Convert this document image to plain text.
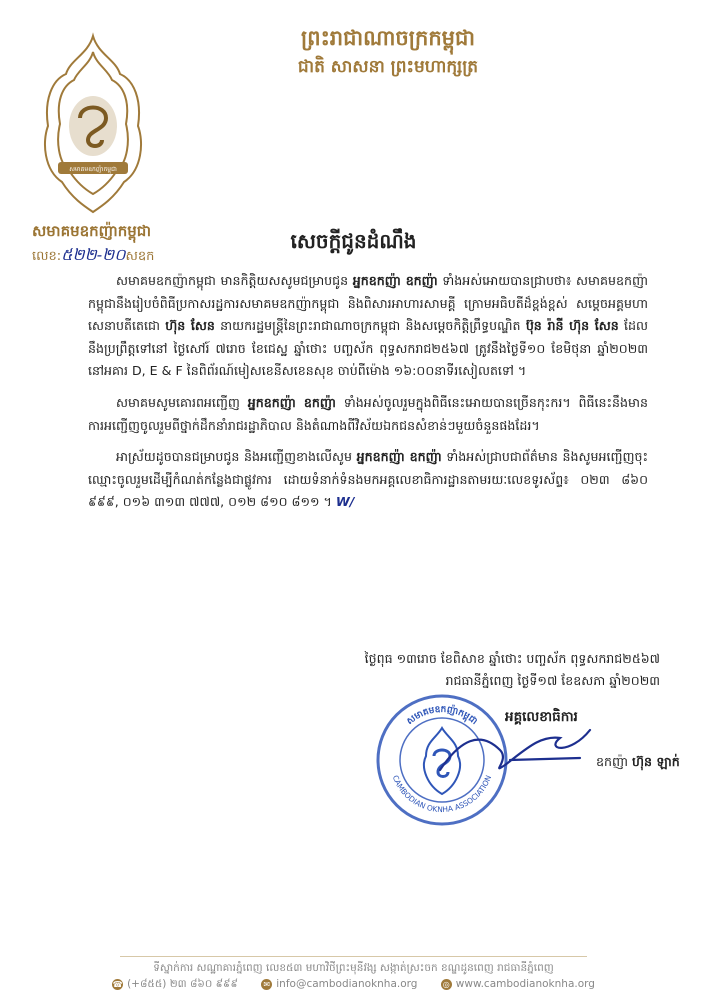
សមាគមឧកញ៉ាកម្ពុជា
ព្រះរាជាណាចក្រកម្ពុជា
ជាតិ សាសនា ព្រះមហាក្សត្រ
សមាគមឧកញ៉ាកម្ពុជា
លេខ:៥២២-២០សឧក
សេចក្ដីជូនដំណឹង

សមាគមឧកញ៉ាកម្ពុជា មានកិត្តិយសសូមជម្រាបជូន អ្នកឧកញ៉ា ឧកញ៉ា ទាំងអស់អោយបានជ្រាបថា៖ សមាគមឧកញ៉ាកម្ពុជានឹងរៀបចំពិធីប្រកាសរដ្ឋការសមាគមឧកញ៉ាកម្ពុជា និងពិសារអាហារសាមគ្គី ក្រោមអធិបតីដ៏ខ្ពង់ខ្ពស់ សម្ដេចអគ្គមហាសេនាបតីតេជោ ហ៊ុន សែន នាយករដ្ឋមន្ត្រីនៃព្រះរាជាណាចក្រកម្ពុជា និងសម្ដេចកិត្តិព្រឹទ្ធបណ្ឌិត ប៊ុន រ៉ានី ហ៊ុន សែន ដែលនឹងប្រព្រឹត្តទៅនៅ ថ្ងៃសៅរ៍ ៧រោច ខែជេស្ឋ ឆ្នាំថោះ បញ្ចស័ក ពុទ្ធសករាជ២៥៦៧ ត្រូវនឹងថ្ងៃទី១០ ខែមិថុនា ឆ្នាំ២០២៣ នៅអគារ D, E & F នៃពិព័រណ៍មៀសខេនីសខេនសុខ ចាប់ពីម៉ោង ១៦:០០នាទីរសៀលតទៅ ។

សមាគមសូមគោរពអញ្ជើញ អ្នកឧកញ៉ា ឧកញ៉ា ទាំងអស់ចូលរួមក្នុងពិធីនេះអោយបានច្រើនកុះករ។ ពិធីនេះនឹងមានការអញ្ជើញចូលរួមពីថ្នាក់ដឹកនាំរាជរដ្ឋាភិបាល និងតំណាងពីវិស័យឯកជនសំខាន់ៗមួយចំនួនផងដែរ។

អាស្រ័យដូចបានជម្រាបជូន និងអញ្ជើញខាងលើសូម អ្នកឧកញ៉ា ឧកញ៉ា ទាំងអស់ជ្រាបជាព័ត៌មាន និងសូមអញ្ជើញចុះឈ្មោះចូលរួមដើម្បីកំណត់កន្លែងជាផ្លូវការ ដោយទំនាក់ទំនងមកអគ្គលេខាធិការដ្ឋានតាមរយៈលេខទូរស័ព្ទ៖ ០២៣ ៨៦០ ៩៩៩, ០១៦ ៣១៣ ៧៧៧, ០១២ ៨១០ ៨១១ ។ W/

ថ្ងៃពុធ ១៣រោច ខែពិសាខ ឆ្នាំថោះ បញ្ចស័ក ពុទ្ធសករាជ២៥៦៧
រាជធានីភ្នំពេញ ថ្ងៃទី១៧ ខែឧសភា ឆ្នាំ២០២៣
សមាគមឧកញ៉ាកម្ពុជា
CAMBODIAN OKNHA ASSOCIATION
អគ្គលេខាធិការ
ឧកញ៉ា ហ៊ុន ឡាក់
ទីស្នាក់ការ សណ្ឋាគារភ្នំពេញ លេខ៥៣ មហាវិថីព្រះមុនីវង្ស សង្កាត់ស្រះចក ខណ្ឌដូនពេញ រាជធានីភ្នំពេញ
☎ (+៨៥៥) ២៣ ៨៦០ ៩៩៩	✉ info@cambodianoknha.org	◎ www.cambodianoknha.org
